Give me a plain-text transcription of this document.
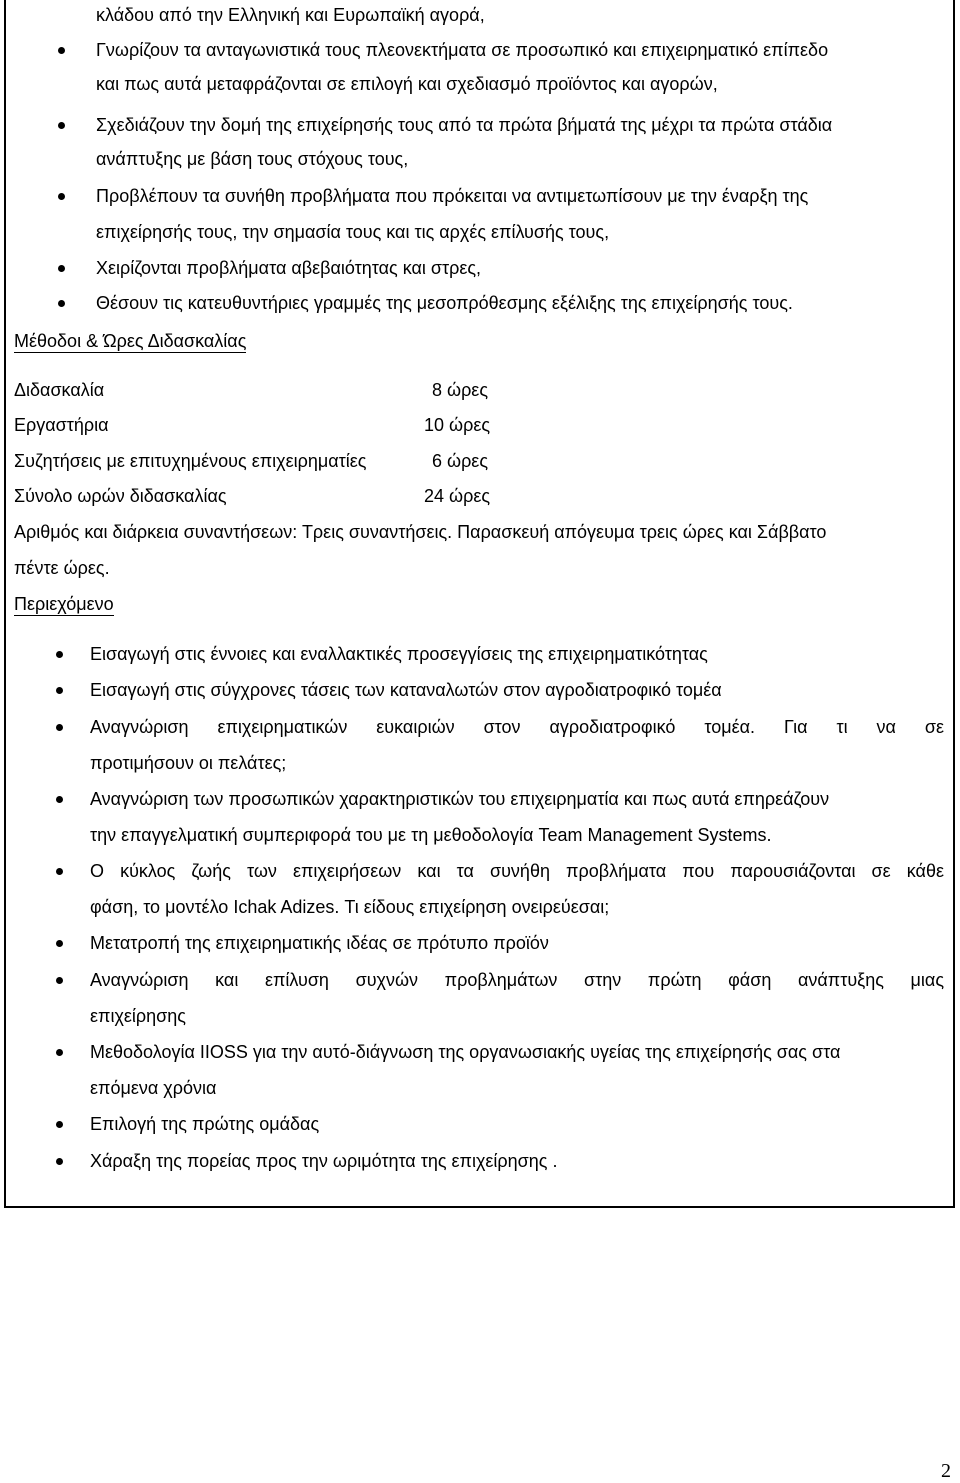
κλάδου από την Ελληνική και Ευρωπαϊκή αγορά,
Γνωρίζουν τα ανταγωνιστικά τους πλεονεκτήματα σε προσωπικό και επιχειρηματικό επίπεδο
και πως αυτά μεταφράζονται σε επιλογή και σχεδιασμό προϊόντος και αγορών,
Σχεδιάζουν την δομή της επιχείρησής τους από τα πρώτα βήματά της μέχρι τα πρώτα στάδια
ανάπτυξης με βάση τους στόχους τους,
Προβλέπουν τα συνήθη προβλήματα που πρόκειται να αντιμετωπίσουν με την έναρξη της
επιχείρησής τους, την σημασία τους και τις αρχές επίλυσής τους,
Χειρίζονται προβλήματα αβεβαιότητας και στρες,
Θέσουν τις κατευθυντήριες γραμμές της μεσοπρόθεσμης εξέλιξης της επιχείρησής τους.
Μέθοδοι & Ώρες Διδασκαλίας
Διδασκαλία	8 ώρες
Εργαστήρια	10 ώρες
Συζητήσεις με επιτυχημένους επιχειρηματίες	6 ώρες
Σύνολο ωρών διδασκαλίας	24 ώρες
Αριθμός και διάρκεια συναντήσεων: Τρεις συναντήσεις. Παρασκευή απόγευμα τρεις ώρες και Σάββατο
πέντε ώρες.
Περιεχόμενο
Εισαγωγή στις έννοιες και εναλλακτικές προσεγγίσεις της επιχειρηματικότητας
Εισαγωγή στις σύγχρονες τάσεις των καταναλωτών στον αγροδιατροφικό τομέα
Αναγνώριση επιχειρηματικών ευκαιριών στον αγροδιατροφικό τομέα. Για τι να σε
προτιμήσουν οι πελάτες;
Αναγνώριση των προσωπικών χαρακτηριστικών του επιχειρηματία και πως αυτά επηρεάζουν
την επαγγελματική συμπεριφορά του με τη μεθοδολογία Team Management Systems.
Ο κύκλος ζωής των επιχειρήσεων και τα συνήθη προβλήματα που παρουσιάζονται σε κάθε
φάση, το μοντέλο Ichak Adizes. Τι είδους επιχείρηση ονειρεύεσαι;
Μετατροπή της επιχειρηματικής ιδέας σε πρότυπο προϊόν
Αναγνώριση και επίλυση συχνών προβλημάτων στην πρώτη φάση ανάπτυξης μιας
επιχείρησης
Μεθοδολογία IIOSS για την αυτό-διάγνωση της οργανωσιακής υγείας της επιχείρησής σας στα
επόμενα χρόνια
Επιλογή της πρώτης ομάδας
Χάραξη της πορείας προς την ωριμότητα της επιχείρησης .
2
